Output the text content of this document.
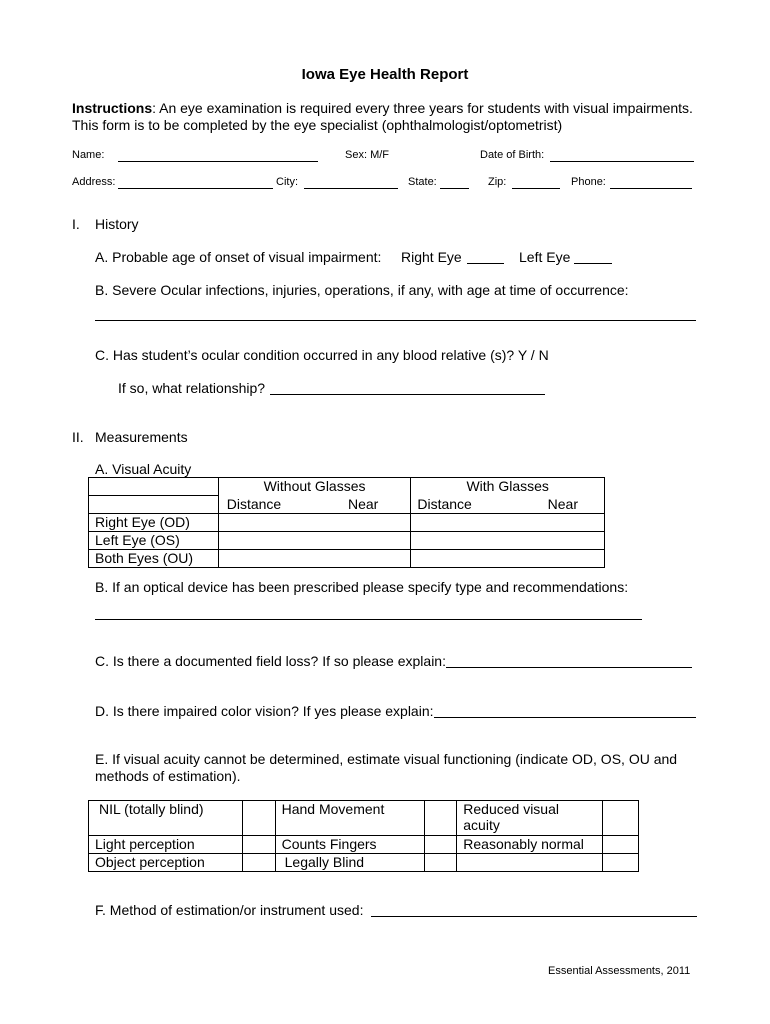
Iowa Eye Health Report
Instructions: An eye examination is required every three years for students with visual impairments.
This form is to be completed by the eye specialist (ophthalmologist/optometrist)
Name:	Sex: M/F	Date of Birth:
Address:	City:	State:	Zip:	Phone:
I. History
A. Probable age of onset of visual impairment: Right Eye	Left Eye
B. Severe Ocular infections, injuries, operations, if any, with age at time of occurrence:
C. Has student’s ocular condition occurred in any blood relative (s)? Y / N
If so, what relationship?
II. Measurements
A. Visual Acuity
	Without Glasses	With Glasses
	Distance Near	Distance Near

Right Eye (OD)		
Left Eye (OS)		
Both Eyes (OU)		
B. If an optical device has been prescribed please specify type and recommendations:
C. Is there a documented field loss? If so please explain:
D. Is there impaired color vision? If yes please explain:
E. If visual acuity cannot be determined, estimate visual functioning (indicate OD, OS, OU and
methods of estimation).
NIL (totally blind)		Hand Movement		Reduced visual
acuity	

Light perception		Counts Fingers		Reasonably normal	
Object perception		Legally Blind			
F. Method of estimation/or instrument used:
Essential Assessments, 2011
